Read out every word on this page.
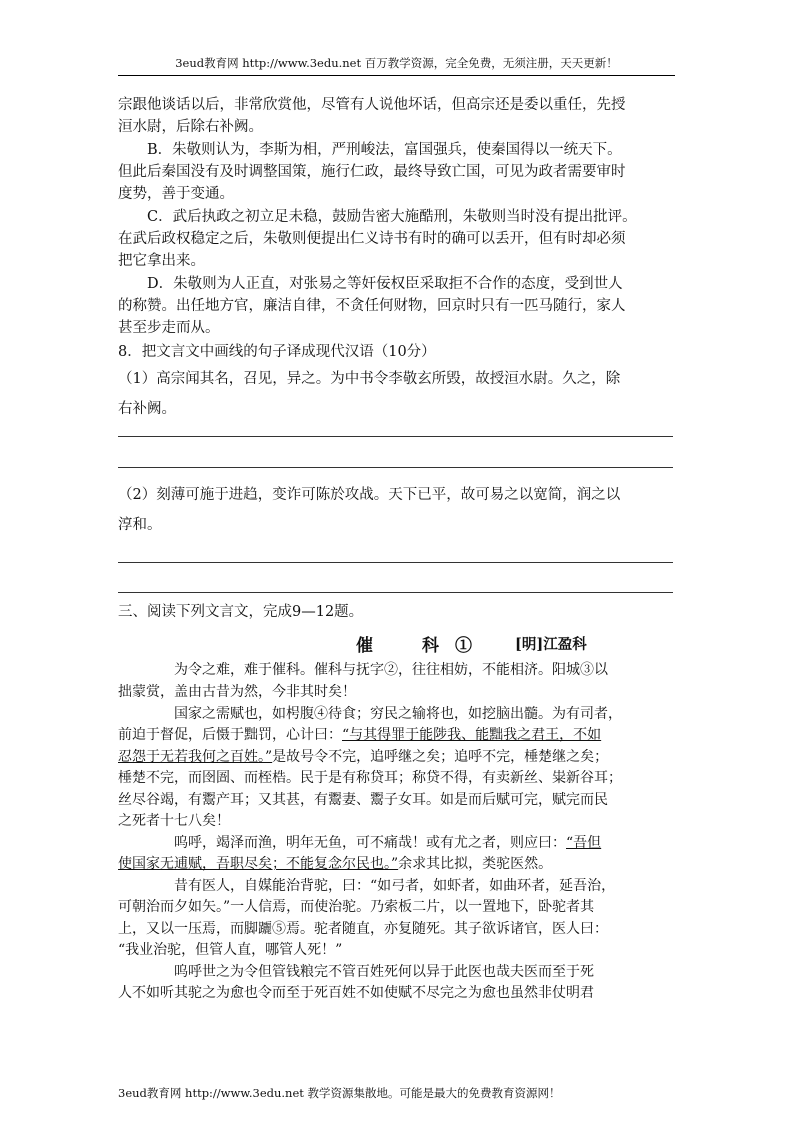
3eud教育网 http://www.3edu.net 百万教学资源，完全免费，无须注册，天天更新！
宗跟他谈话以后，非常欣赏他，尽管有人说他坏话，但高宗还是委以重任，先授
洹水尉，后除右补阙。
　　B．朱敬则认为，李斯为相，严刑峻法，富国强兵，使秦国得以一统天下。
但此后秦国没有及时调整国策，施行仁政，最终导致亡国，可见为政者需要审时
度势，善于变通。
　　C．武后执政之初立足未稳，鼓励告密大施酷刑，朱敬则当时没有提出批评。
在武后政权稳定之后，朱敬则便提出仁义诗书有时的确可以丢开，但有时却必须
把它拿出来。
　　D．朱敬则为人正直，对张易之等奸佞权臣采取拒不合作的态度，受到世人
的称赞。出任地方官，廉洁自律，不贪任何财物，回京时只有一匹马随行，家人
甚至步走而从。
8．把文言文中画线的句子译成现代汉语（10分）
（1）高宗闻其名，召见，异之。为中书令李敬玄所毁，故授洹水尉。久之，除
右补阙。
（2）刻薄可施于进趋，变诈可陈於攻战。天下已平，故可易之以宽简，润之以
淳和。
三、阅读下列文言文，完成9—12题。
催　科① [明]江盈科
　　　　为令之难，难于催科。催科与抚字②，往往相妨，不能相济。阳城③以
拙蒙赏，盖由古昔为然，今非其时矣！
　　　　国家之需赋也，如枵腹④待食；穷民之输将也，如挖脑出髓。为有司者，
前迫于督促，后慑于黜罚，心计曰：“与其得罪于能陟我、能黜我之君王，不如
忍怨于无若我何之百姓。”是故号令不完，追呼继之矣；追呼不完，棰楚继之矣；
棰楚不完，而囹圄、而桎梏。民于是有称贷耳；称贷不得，有卖新丝、粜新谷耳；
丝尽谷竭，有鬻产耳；又其甚，有鬻妻、鬻子女耳。如是而后赋可完，赋完而民
之死者十七八矣！
　　　　呜呼，竭泽而渔，明年无鱼，可不痛哉！或有尤之者，则应曰：“吾但
使国家无逋赋，吾职尽矣；不能复念尔民也。”余求其比拟，类驼医然。
　　　　昔有医人，自媒能治背驼，曰：“如弓者，如虾者，如曲环者，延吾治，
可朝治而夕如矢。”一人信焉，而使治驼。乃索板二片，以一置地下，卧驼者其
上，又以一压焉，而脚躧⑤焉。驼者随直，亦复随死。其子欲诉诸官，医人曰：
“我业治驼，但管人直，哪管人死！”
　　　　呜呼世之为令但管钱粮完不管百姓死何以异于此医也哉夫医而至于死
人不如听其驼之为愈也令而至于死百姓不如使赋不尽完之为愈也虽然非仗明君
3eud教育网 http://www.3edu.net 教学资源集散地。可能是最大的免费教育资源网！
